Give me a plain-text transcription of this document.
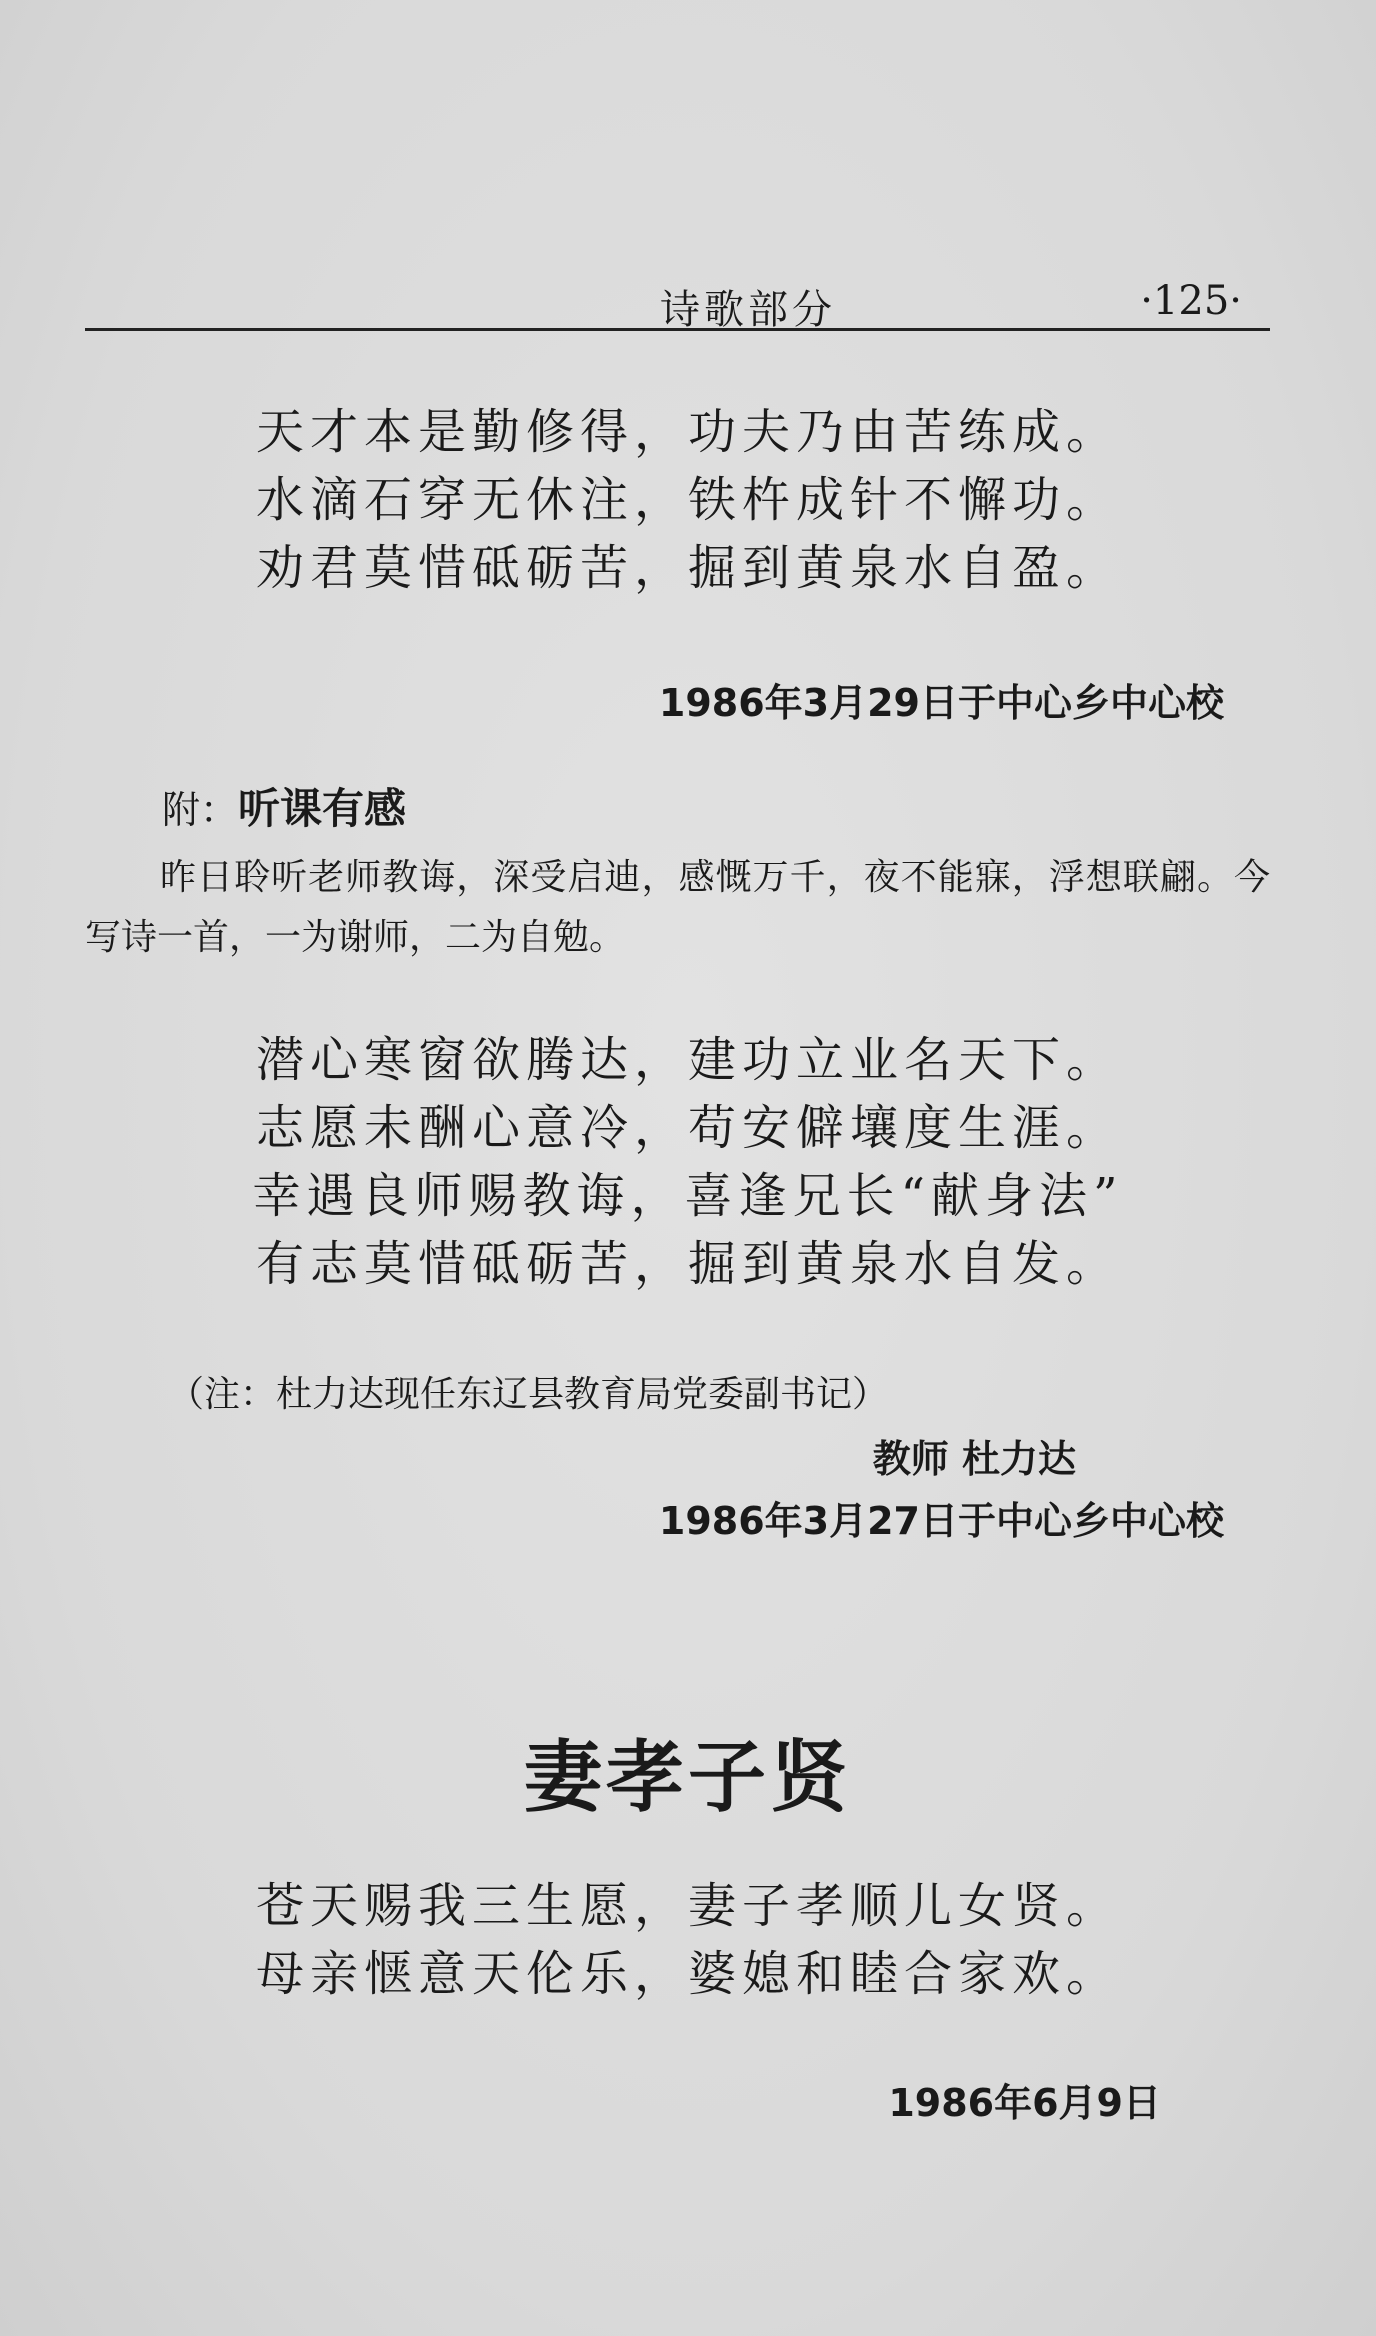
诗歌部分	·125·
天才本是勤修得，功夫乃由苦练成。
水滴石穿无休注，铁杵成针不懈功。
劝君莫惜砥砺苦，掘到黄泉水自盈。
1986年3月29日于中心乡中心校
附：听课有感
昨日聆听老师教诲，深受启迪，感慨万千，夜不能寐，浮想联翩。今写诗一首，一为谢师，二为自勉。
潜心寒窗欲腾达，建功立业名天下。
志愿未酬心意冷，苟安僻壤度生涯。
幸遇良师赐教诲，喜逢兄长“献身法”
有志莫惜砥砺苦，掘到黄泉水自发。
（注：杜力达现任东辽县教育局党委副书记）
教师 杜力达
1986年3月27日于中心乡中心校
妻孝子贤
苍天赐我三生愿，妻子孝顺儿女贤。
母亲惬意天伦乐，婆媳和睦合家欢。
1986年6月9日
